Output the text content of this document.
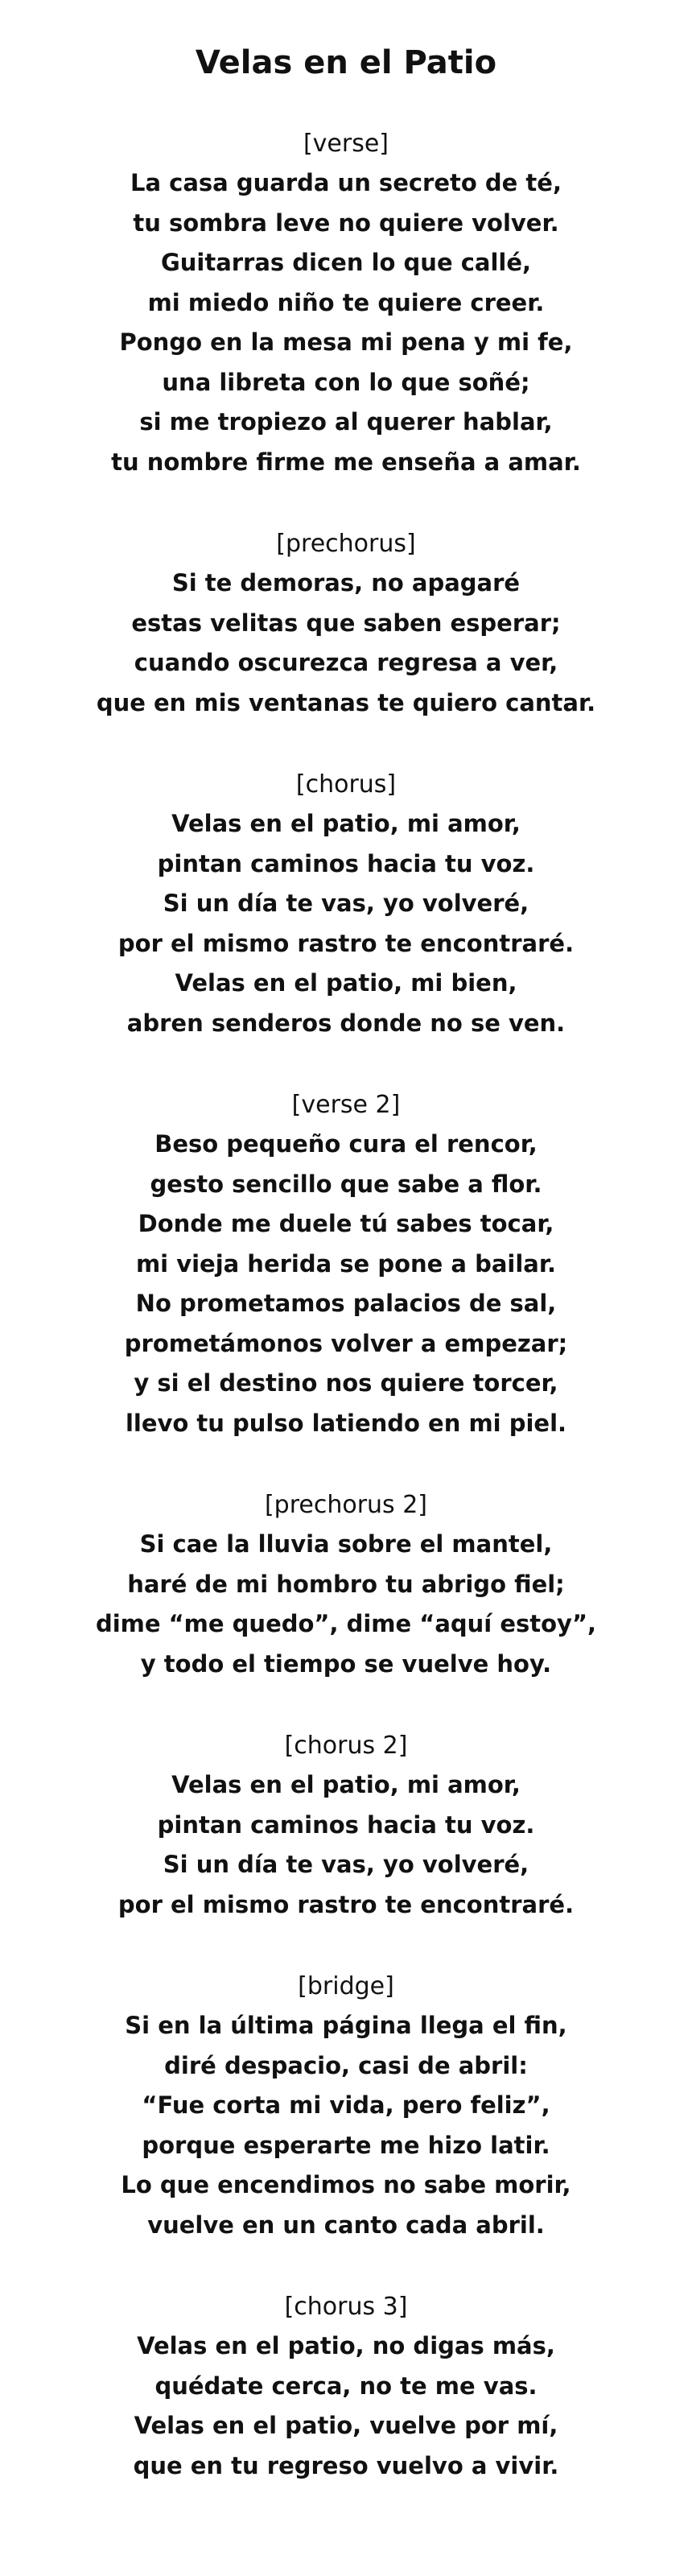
Velas en el Patio

[verse]

La casa guarda un secreto de té,

tu sombra leve no quiere volver.

Guitarras dicen lo que callé,

mi miedo niño te quiere creer.

Pongo en la mesa mi pena y mi fe,

una libreta con lo que soñé;

si me tropiezo al querer hablar,

tu nombre firme me enseña a amar.

[prechorus]

Si te demoras, no apagaré

estas velitas que saben esperar;

cuando oscurezca regresa a ver,

que en mis ventanas te quiero cantar.

[chorus]

Velas en el patio, mi amor,

pintan caminos hacia tu voz.

Si un día te vas, yo volveré,

por el mismo rastro te encontraré.

Velas en el patio, mi bien,

abren senderos donde no se ven.

[verse 2]

Beso pequeño cura el rencor,

gesto sencillo que sabe a flor.

Donde me duele tú sabes tocar,

mi vieja herida se pone a bailar.

No prometamos palacios de sal,

prometámonos volver a empezar;

y si el destino nos quiere torcer,

llevo tu pulso latiendo en mi piel.

[prechorus 2]

Si cae la lluvia sobre el mantel,

haré de mi hombro tu abrigo fiel;

dime “me quedo”, dime “aquí estoy”,

y todo el tiempo se vuelve hoy.

[chorus 2]

Velas en el patio, mi amor,

pintan caminos hacia tu voz.

Si un día te vas, yo volveré,

por el mismo rastro te encontraré.

[bridge]

Si en la última página llega el fin,

diré despacio, casi de abril:

“Fue corta mi vida, pero feliz”,

porque esperarte me hizo latir.

Lo que encendimos no sabe morir,

vuelve en un canto cada abril.

[chorus 3]

Velas en el patio, no digas más,

quédate cerca, no te me vas.

Velas en el patio, vuelve por mí,

que en tu regreso vuelvo a vivir.
